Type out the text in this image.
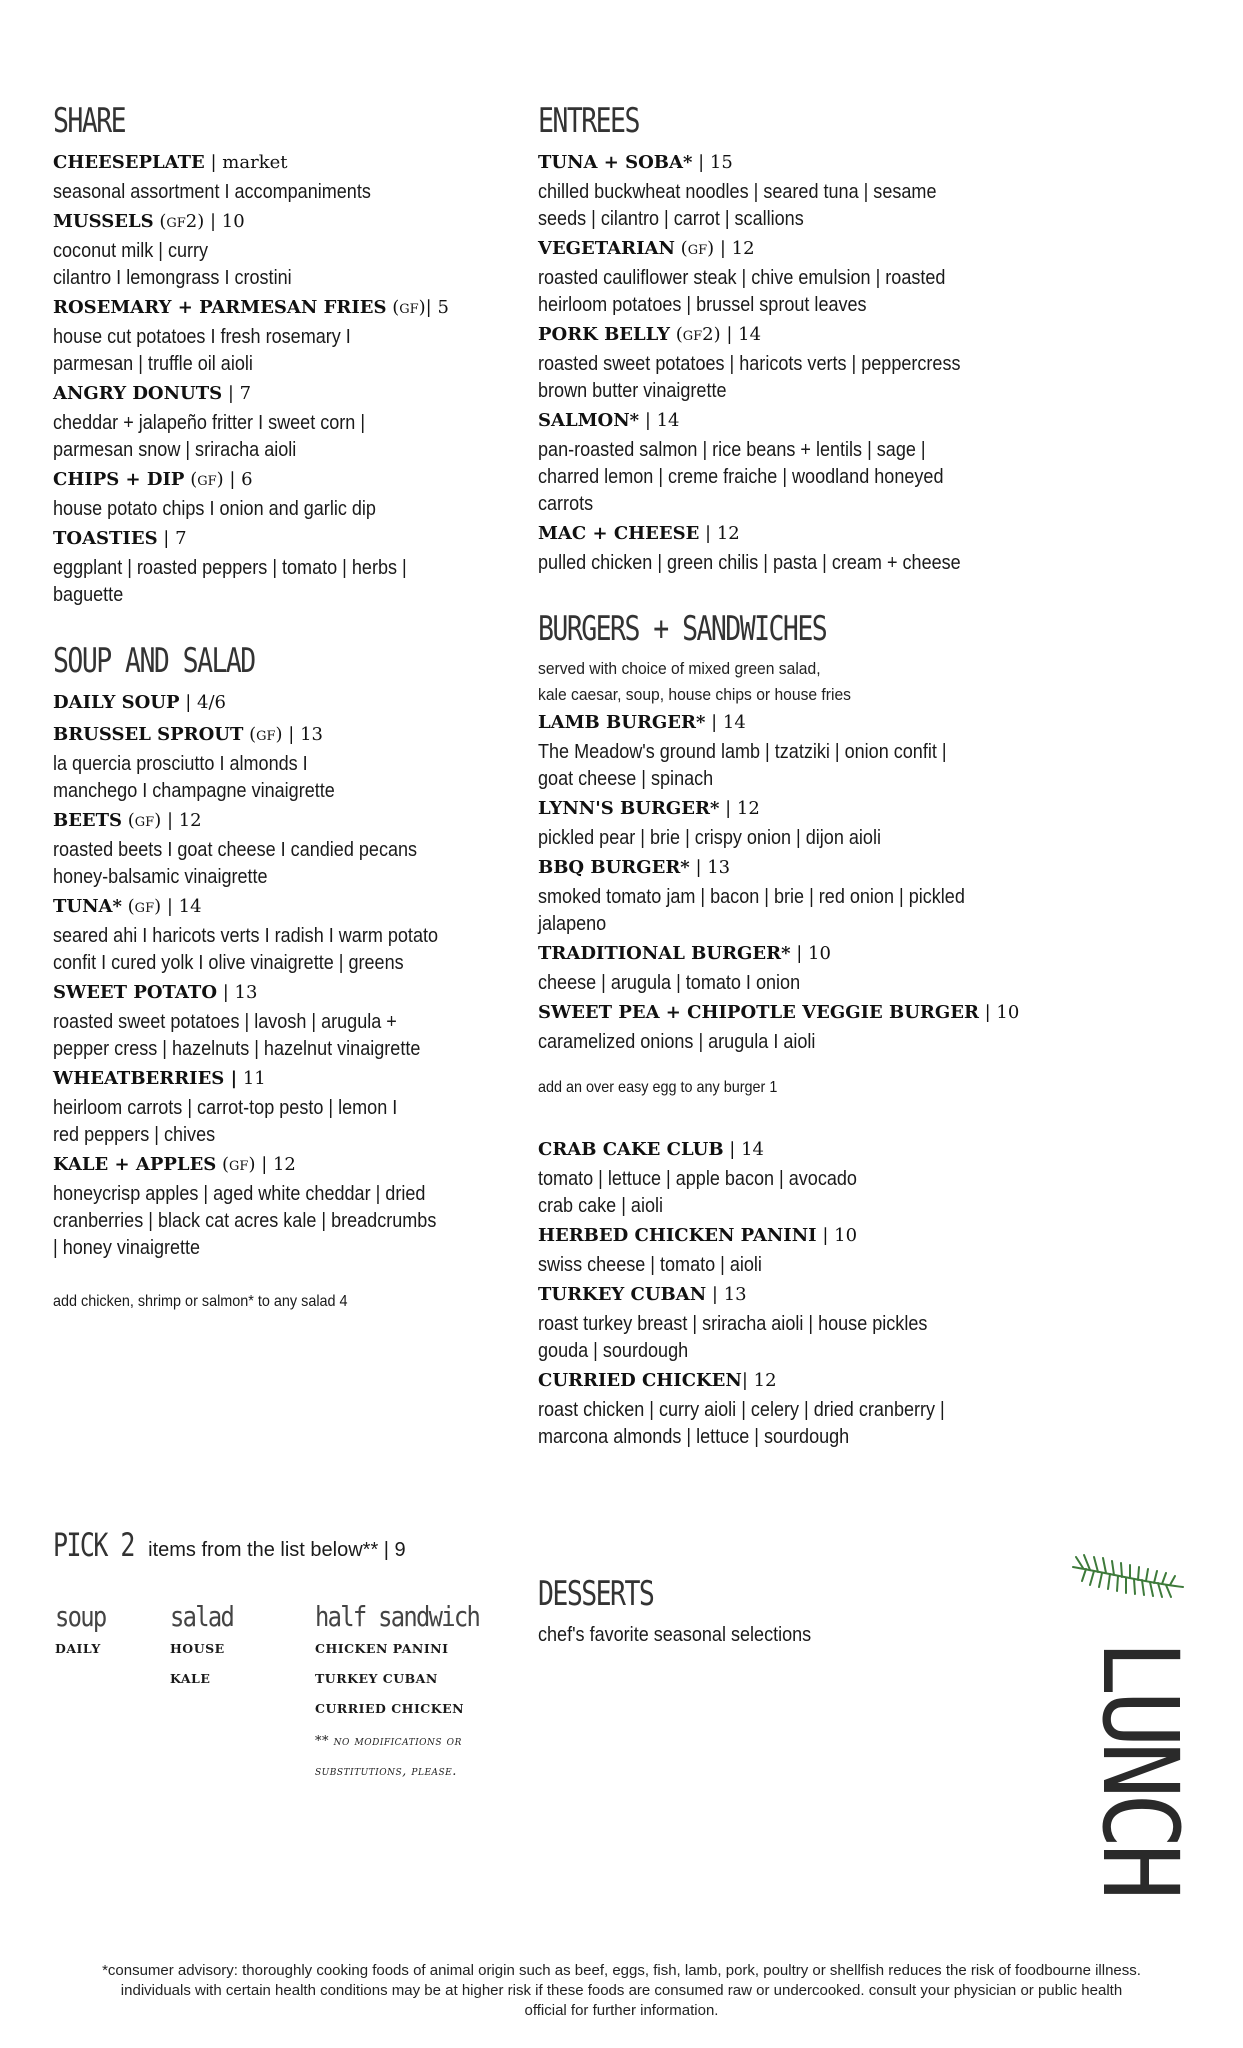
SHARE
CHEESEPLATE | market
seasonal assortment I accompaniments
MUSSELS (gf2) | 10
coconut milk | curry
cilantro I lemongrass I crostini
ROSEMARY + PARMESAN FRIES (gf)| 5
house cut potatoes I fresh rosemary I
parmesan | truffle oil aioli
ANGRY DONUTS | 7
cheddar + jalapeño fritter I sweet corn |
parmesan snow | sriracha aioli
CHIPS + DIP (gf) | 6
house potato chips I onion and garlic dip
TOASTIES | 7
eggplant | roasted peppers | tomato | herbs |
baguette
SOUP AND SALAD
DAILY SOUP | 4/6
BRUSSEL SPROUT (gf) | 13
la quercia prosciutto I almonds I
manchego I champagne vinaigrette
BEETS (gf) | 12
roasted beets I goat cheese I candied pecans
honey-balsamic vinaigrette
TUNA* (gf) | 14
seared ahi I haricots verts I radish I warm potato
confit I cured yolk I olive vinaigrette | greens
SWEET POTATO | 13
roasted sweet potatoes | lavosh | arugula +
pepper cress | hazelnuts | hazelnut vinaigrette
WHEATBERRIES | 11
heirloom carrots | carrot-top pesto | lemon I
red peppers | chives
KALE + APPLES (gf) | 12
honeycrisp apples | aged white cheddar | dried
cranberries | black cat acres kale | breadcrumbs
| honey vinaigrette
add chicken, shrimp or salmon* to any salad 4
PICK 2 items from the list below** | 9
soup
DAILY
salad
HOUSE
KALE
half sandwich
CHICKEN PANINI
TURKEY CUBAN
CURRIED CHICKEN
** no modifications or substitutions, please.
ENTREES
TUNA + SOBA* | 15
chilled buckwheat noodles | seared tuna | sesame
seeds | cilantro | carrot | scallions
VEGETARIAN (gf) | 12
roasted cauliflower steak | chive emulsion | roasted
heirloom potatoes | brussel sprout leaves
PORK BELLY (gf2) | 14
roasted sweet potatoes | haricots verts | peppercress
brown butter vinaigrette
SALMON* | 14
pan-roasted salmon | rice beans + lentils | sage |
charred lemon | creme fraiche | woodland honeyed
carrots
MAC + CHEESE | 12
pulled chicken | green chilis | pasta | cream + cheese
BURGERS + SANDWICHES
served with choice of mixed green salad,
kale caesar, soup, house chips or house fries
LAMB BURGER* | 14
The Meadow's ground lamb | tzatziki | onion confit |
goat cheese | spinach
LYNN'S BURGER* | 12
pickled pear | brie | crispy onion | dijon aioli
BBQ BURGER* | 13
smoked tomato jam | bacon | brie | red onion | pickled
jalapeno
TRADITIONAL BURGER* | 10
cheese | arugula | tomato I onion
SWEET PEA + CHIPOTLE VEGGIE BURGER | 10
caramelized onions | arugula I aioli
add an over easy egg to any burger 1
CRAB CAKE CLUB | 14
tomato | lettuce | apple bacon | avocado
crab cake | aioli
HERBED CHICKEN PANINI | 10
swiss cheese | tomato | aioli
TURKEY CUBAN | 13
roast turkey breast | sriracha aioli | house pickles
gouda | sourdough
CURRIED CHICKEN| 12
roast chicken | curry aioli | celery | dried cranberry |
marcona almonds | lettuce | sourdough
DESSERTS
chef's favorite seasonal selections
LUNCH
*consumer advisory: thoroughly cooking foods of animal origin such as beef, eggs, fish, lamb, pork, poultry or shellfish reduces the risk of foodbourne illness. individuals with certain health conditions may be at higher risk if these foods are consumed raw or undercooked. consult your physician or public health official for further information.
